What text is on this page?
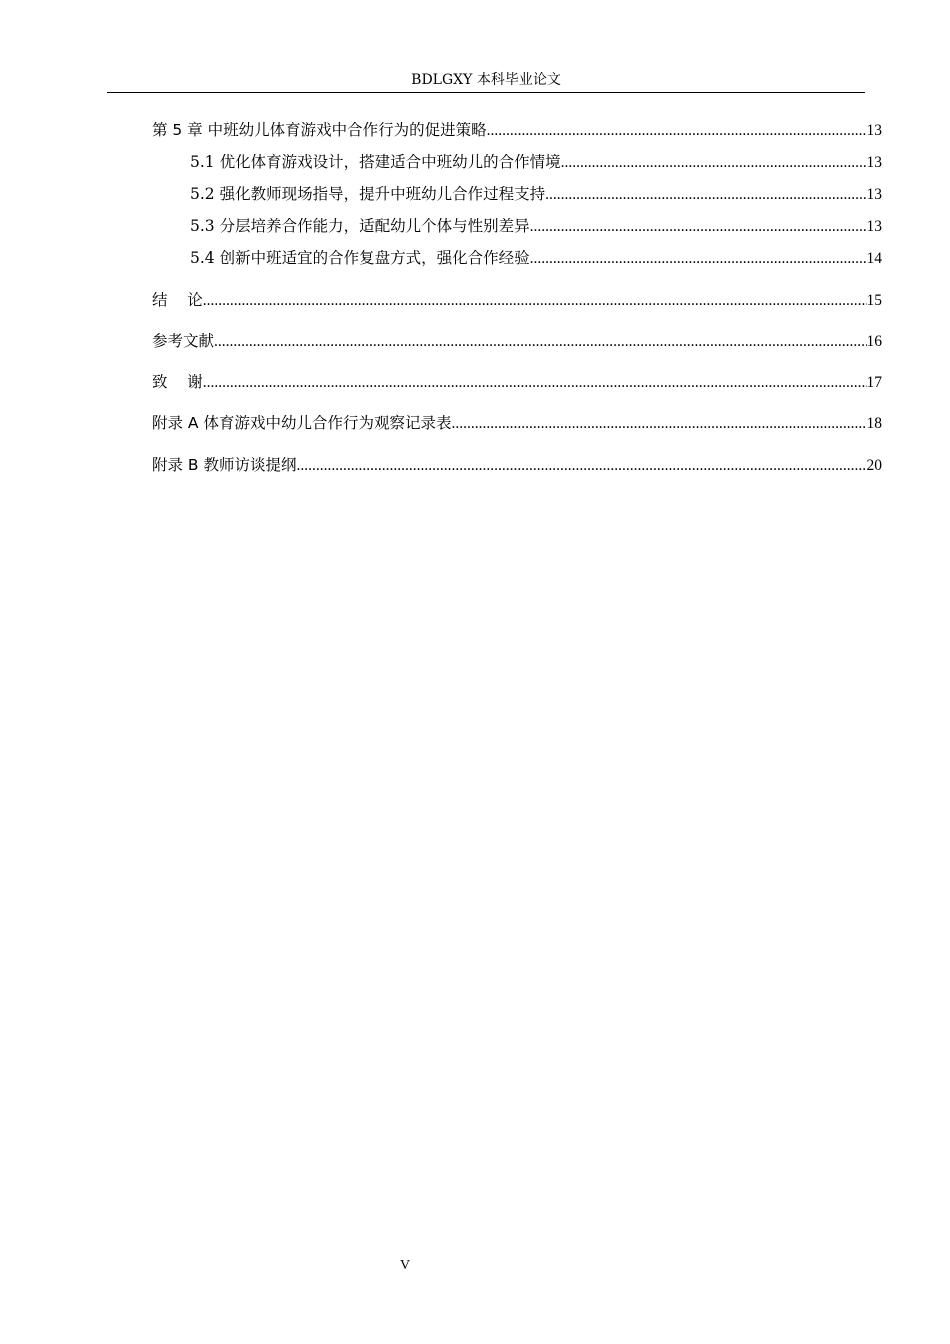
BDLGXY 本科毕业论文
第 5 章 中班幼儿体育游戏中合作行为的促进策略 .....	13
5.1 优化体育游戏设计，搭建适合中班幼儿的合作情境 .....	13
5.2 强化教师现场指导，提升中班幼儿合作过程支持 .....	13
5.3 分层培养合作能力，适配幼儿个体与性别差异 .....	13
5.4 创新中班适宜的合作复盘方式，强化合作经验 .....	14
结    论 .....	15
参考文献 .....	16
致    谢 .....	17
附录 A 体育游戏中幼儿合作行为观察记录表 .....	18
附录 B 教师访谈提纲 .....	20
V
